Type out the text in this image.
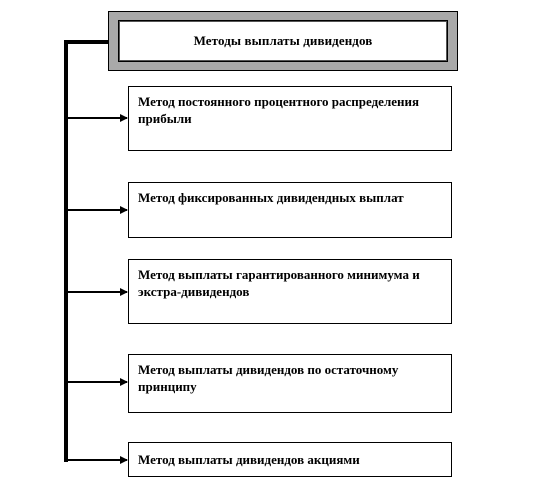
Методы выплаты дивидендов
Метод постоянного процентного распределения прибыли
Метод фиксированных дивидендных выплат
Метод выплаты гарантированного минимума и экстра-дивидендов
Метод выплаты дивидендов по остаточному принципу
Метод выплаты дивидендов акциями
